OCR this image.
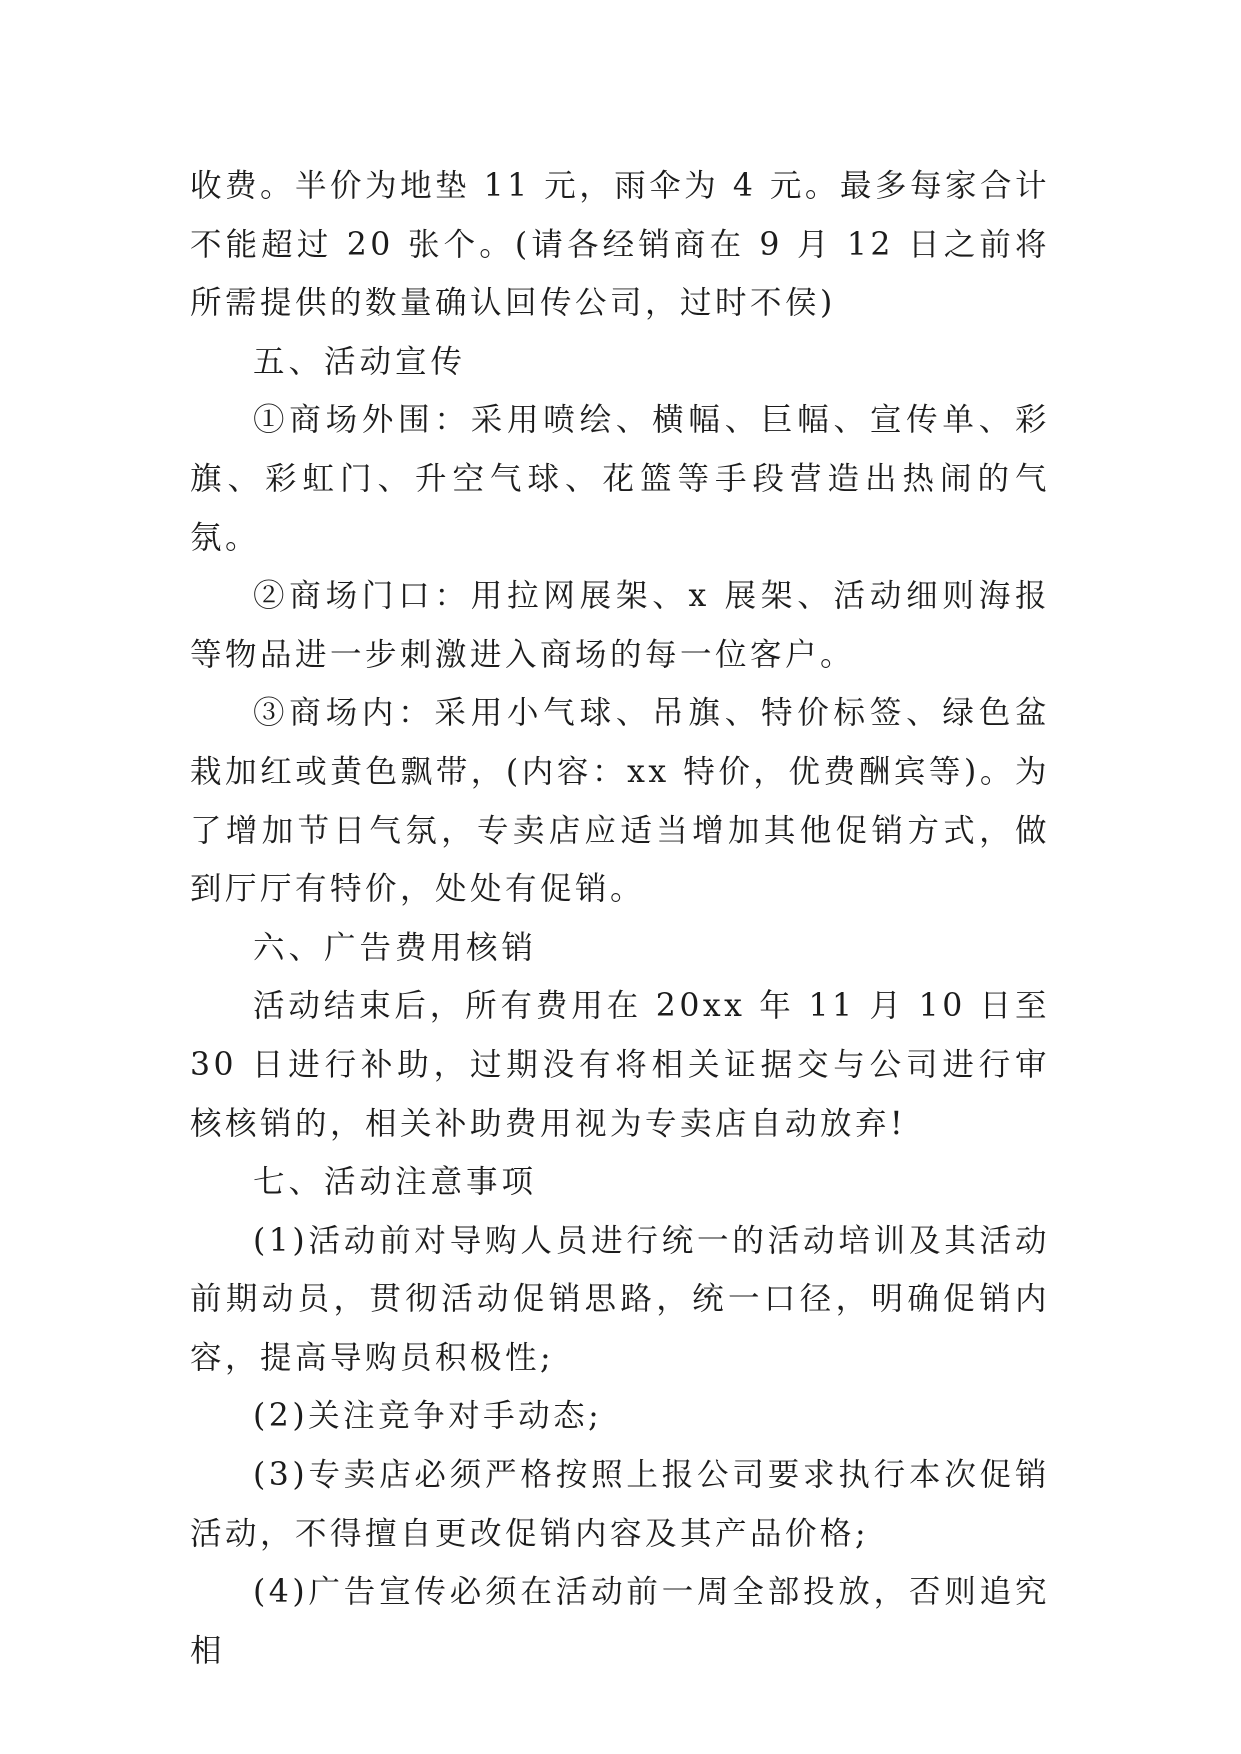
收费。半价为地垫 11 元，雨伞为 4 元。最多每家合计不能超过 20 张个。(请各经销商在 9 月 12 日之前将所需提供的数量确认回传公司，过时不侯)

五、活动宣传

①商场外围：采用喷绘、横幅、巨幅、宣传单、彩旗、彩虹门、升空气球、花篮等手段营造出热闹的气氛。

②商场门口：用拉网展架、x 展架、活动细则海报等物品进一步刺激进入商场的每一位客户。

③商场内：采用小气球、吊旗、特价标签、绿色盆栽加红或黄色飘带，(内容：xx 特价，优费酬宾等)。为了增加节日气氛，专卖店应适当增加其他促销方式，做到厅厅有特价，处处有促销。

六、广告费用核销

活动结束后，所有费用在 20xx 年 11 月 10 日至 30 日进行补助，过期没有将相关证据交与公司进行审核核销的，相关补助费用视为专卖店自动放弃!

七、活动注意事项

(1)活动前对导购人员进行统一的活动培训及其活动前期动员，贯彻活动促销思路，统一口径，明确促销内容，提高导购员积极性;

(2)关注竞争对手动态;

(3)专卖店必须严格按照上报公司要求执行本次促销活动，不得擅自更改促销内容及其产品价格;

(4)广告宣传必须在活动前一周全部投放，否则追究相
